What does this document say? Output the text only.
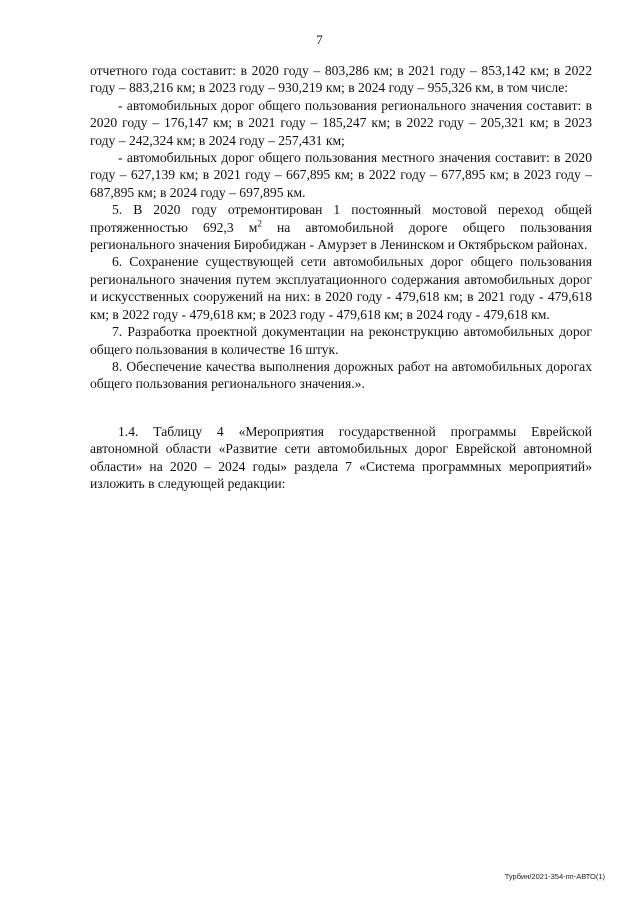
7

отчетного года составит: в 2020 году – 803,286 км; в 2021 году – 853,142 км; в 2022 году – 883,216 км; в 2023 году – 930,219 км; в 2024 году – 955,326 км, в том числе:

- автомобильных дорог общего пользования регионального значения составит: в 2020 году – 176,147 км; в 2021 году – 185,247 км; в 2022 году – 205,321 км; в 2023 году – 242,324 км; в 2024 году – 257,431 км;

- автомобильных дорог общего пользования местного значения составит: в 2020 году – 627,139 км; в 2021 году – 667,895 км; в 2022 году – 677,895 км; в 2023 году – 687,895 км; в 2024 году – 697,895 км.

5. В 2020 году отремонтирован 1 постоянный мостовой переход общей протяженностью 692,3 $м^2$ на автомобильной дороге общего пользования регионального значения Биробиджан - Амурзет в Ленинском и Октябрьском районах.

6. Сохранение существующей сети автомобильных дорог общего пользования регионального значения путем эксплуатационного содержания автомобильных дорог и искусственных сооружений на них: в 2020 году - 479,618 км; в 2021 году - 479,618 км; в 2022 году - 479,618 км; в 2023 году - 479,618 км; в 2024 году - 479,618 км.

7. Разработка проектной документации на реконструкцию автомобильных дорог общего пользования в количестве 16 штук.

8. Обеспечение качества выполнения дорожных работ на автомобильных дорогах общего пользования регионального значения.».

1.4. Таблицу 4 «Мероприятия государственной программы Еврейской автономной области «Развитие сети автомобильных дорог Еврейской автономной области» на 2020 – 2024 годы» раздела 7 «Система программных мероприятий» изложить в следующей редакции:

Турбин/2021-354-пп-АВТО(1)
